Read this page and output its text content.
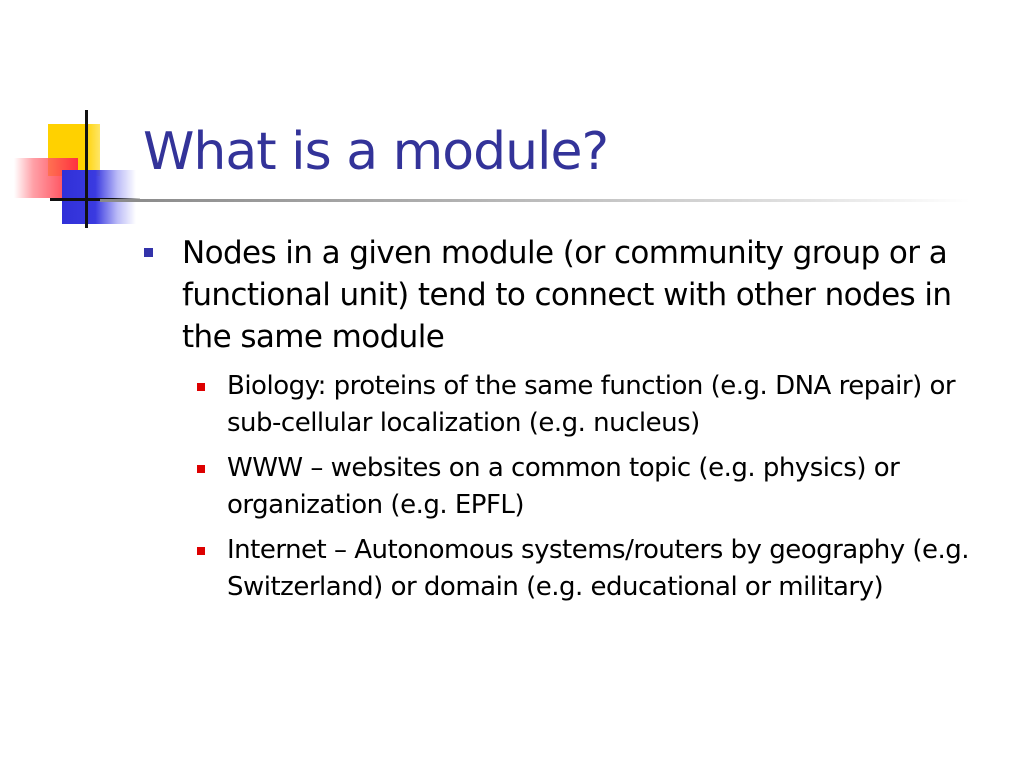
What is a module?
Nodes in a given module (or community group or a functional unit) tend to connect with other nodes in the same module
Biology: proteins of the same function (e.g. DNA repair) or sub-cellular localization (e.g. nucleus)
WWW – websites on a common topic (e.g. physics) or organization (e.g. EPFL)
Internet – Autonomous systems/routers by geography (e.g. Switzerland) or domain (e.g. educational or military)
